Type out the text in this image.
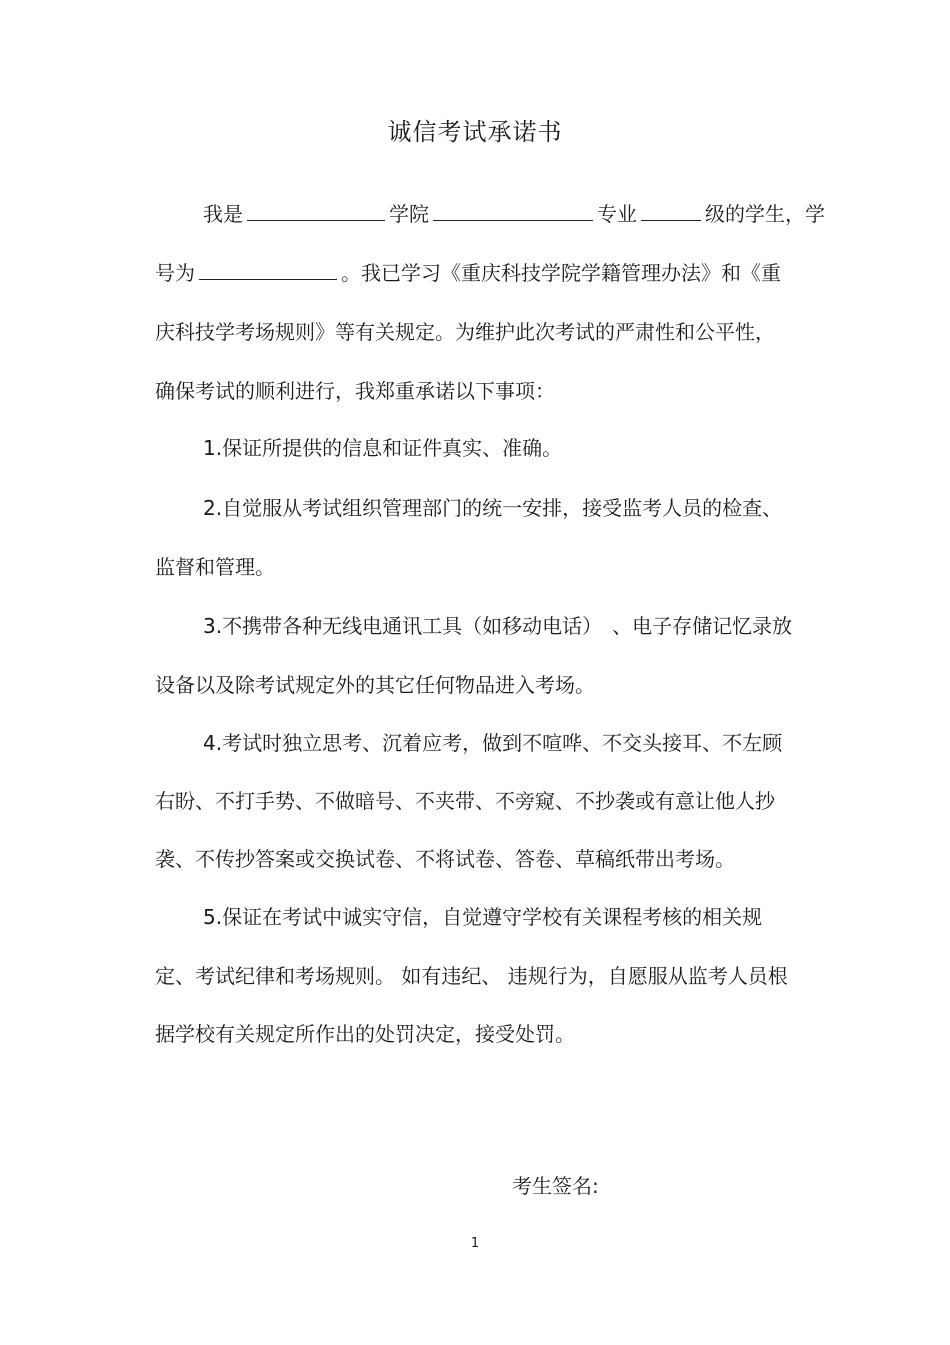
诚信考试承诺书
我是	学院	专业	级的学生，学
号为	。我已学习《重庆科技学院学籍管理办法》和《重
庆科技学考场规则》等有关规定。为维护此次考试的严肃性和公平性，
确保考试的顺利进行，我郑重承诺以下事项：
1.保证所提供的信息和证件真实、准确。
2.自觉服从考试组织管理部门的统一安排，接受监考人员的检查、
监督和管理。
3.不携带各种无线电通讯工具（如移动电话）　、电子存储记忆录放
设备以及除考试规定外的其它任何物品进入考场。
4.考试时独立思考、沉着应考，做到不喧哗、不交头接耳、不左顾
右盼、不打手势、不做暗号、不夹带、不旁窥、不抄袭或有意让他人抄
袭、不传抄答案或交换试卷、不将试卷、答卷、草稿纸带出考场。
5.保证在考试中诚实守信，自觉遵守学校有关课程考核的相关规
定、考试纪律和考场规则。 如有违纪、 违规行为，自愿服从监考人员根
据学校有关规定所作出的处罚决定，接受处罚。
考生签名:
1
